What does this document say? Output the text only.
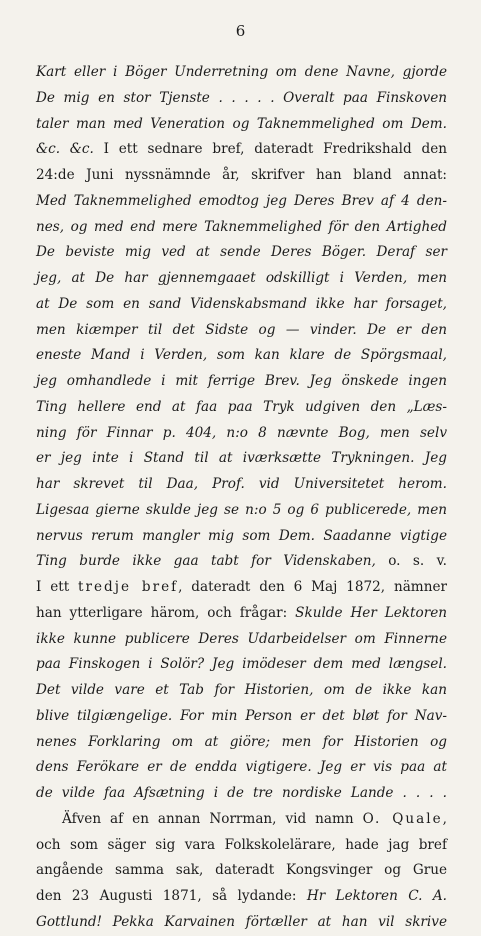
6
Kart eller i Böger Underretning om dene Navne, gjorde
De mig en stor Tjenste . . . . . Overalt paa Finskoven
taler man med Veneration og Taknemmelighed om Dem.
&c. &c. I ett sednare bref, dateradt Fredrikshald den
24:de Juni nyssnämnde år, skrifver han bland annat:
Med Taknemmelighed emodtog jeg Deres Brev af 4 den-
nes, og med end mere Taknemmelighed för den Artighed
De beviste mig ved at sende Deres Böger. Deraf ser
jeg, at De har gjennemgaaet odskilligt i Verden, men
at De som en sand Videnskabsmand ikke har forsaget,
men kiæmper til det Sidste og — vinder. De er den
eneste Mand i Verden, som kan klare de Spörgsmaal,
jeg omhandlede i mit ferrige Brev. Jeg önskede ingen
Ting hellere end at faa paa Tryk udgiven den „Læs-
ning för Finnar p. 404, n:o 8 nævnte Bog, men selv
er jeg inte i Stand til at iværksætte Trykningen. Jeg
har skrevet til Daa, Prof. vid Universitetet herom.
Ligesaa gierne skulde jeg se n:o 5 og 6 publicerede, men
nervus rerum mangler mig som Dem. Saadanne vigtige
Ting burde ikke gaa tabt for Videnskaben, o. s. v.
I ett tredje bref, dateradt den 6 Maj 1872, nämner
han ytterligare härom, och frågar: Skulde Her Lektoren
ikke kunne publicere Deres Udarbeidelser om Finnerne
paa Finskogen i Solör? Jeg imödeser dem med længsel.
Det vilde vare et Tab for Historien, om de ikke kan
blive tilgiængelige. For min Person er det bløt for Nav-
nenes Forklaring om at giöre; men for Historien og
dens Ferökare er de endda vigtigere. Jeg er vis paa at
de vilde faa Afsætning i de tre nordiske Lande . . . .
Äfven af en annan Norrman, vid namn O. Quale,
och som säger sig vara Folkskolelärare, hade jag bref
angående samma sak, dateradt Kongsvinger og Grue
den 23 Augusti 1871, så lydande: Hr Lektoren C. A.
Gottlund! Pekka Karvainen förtæller at han vil skrive
